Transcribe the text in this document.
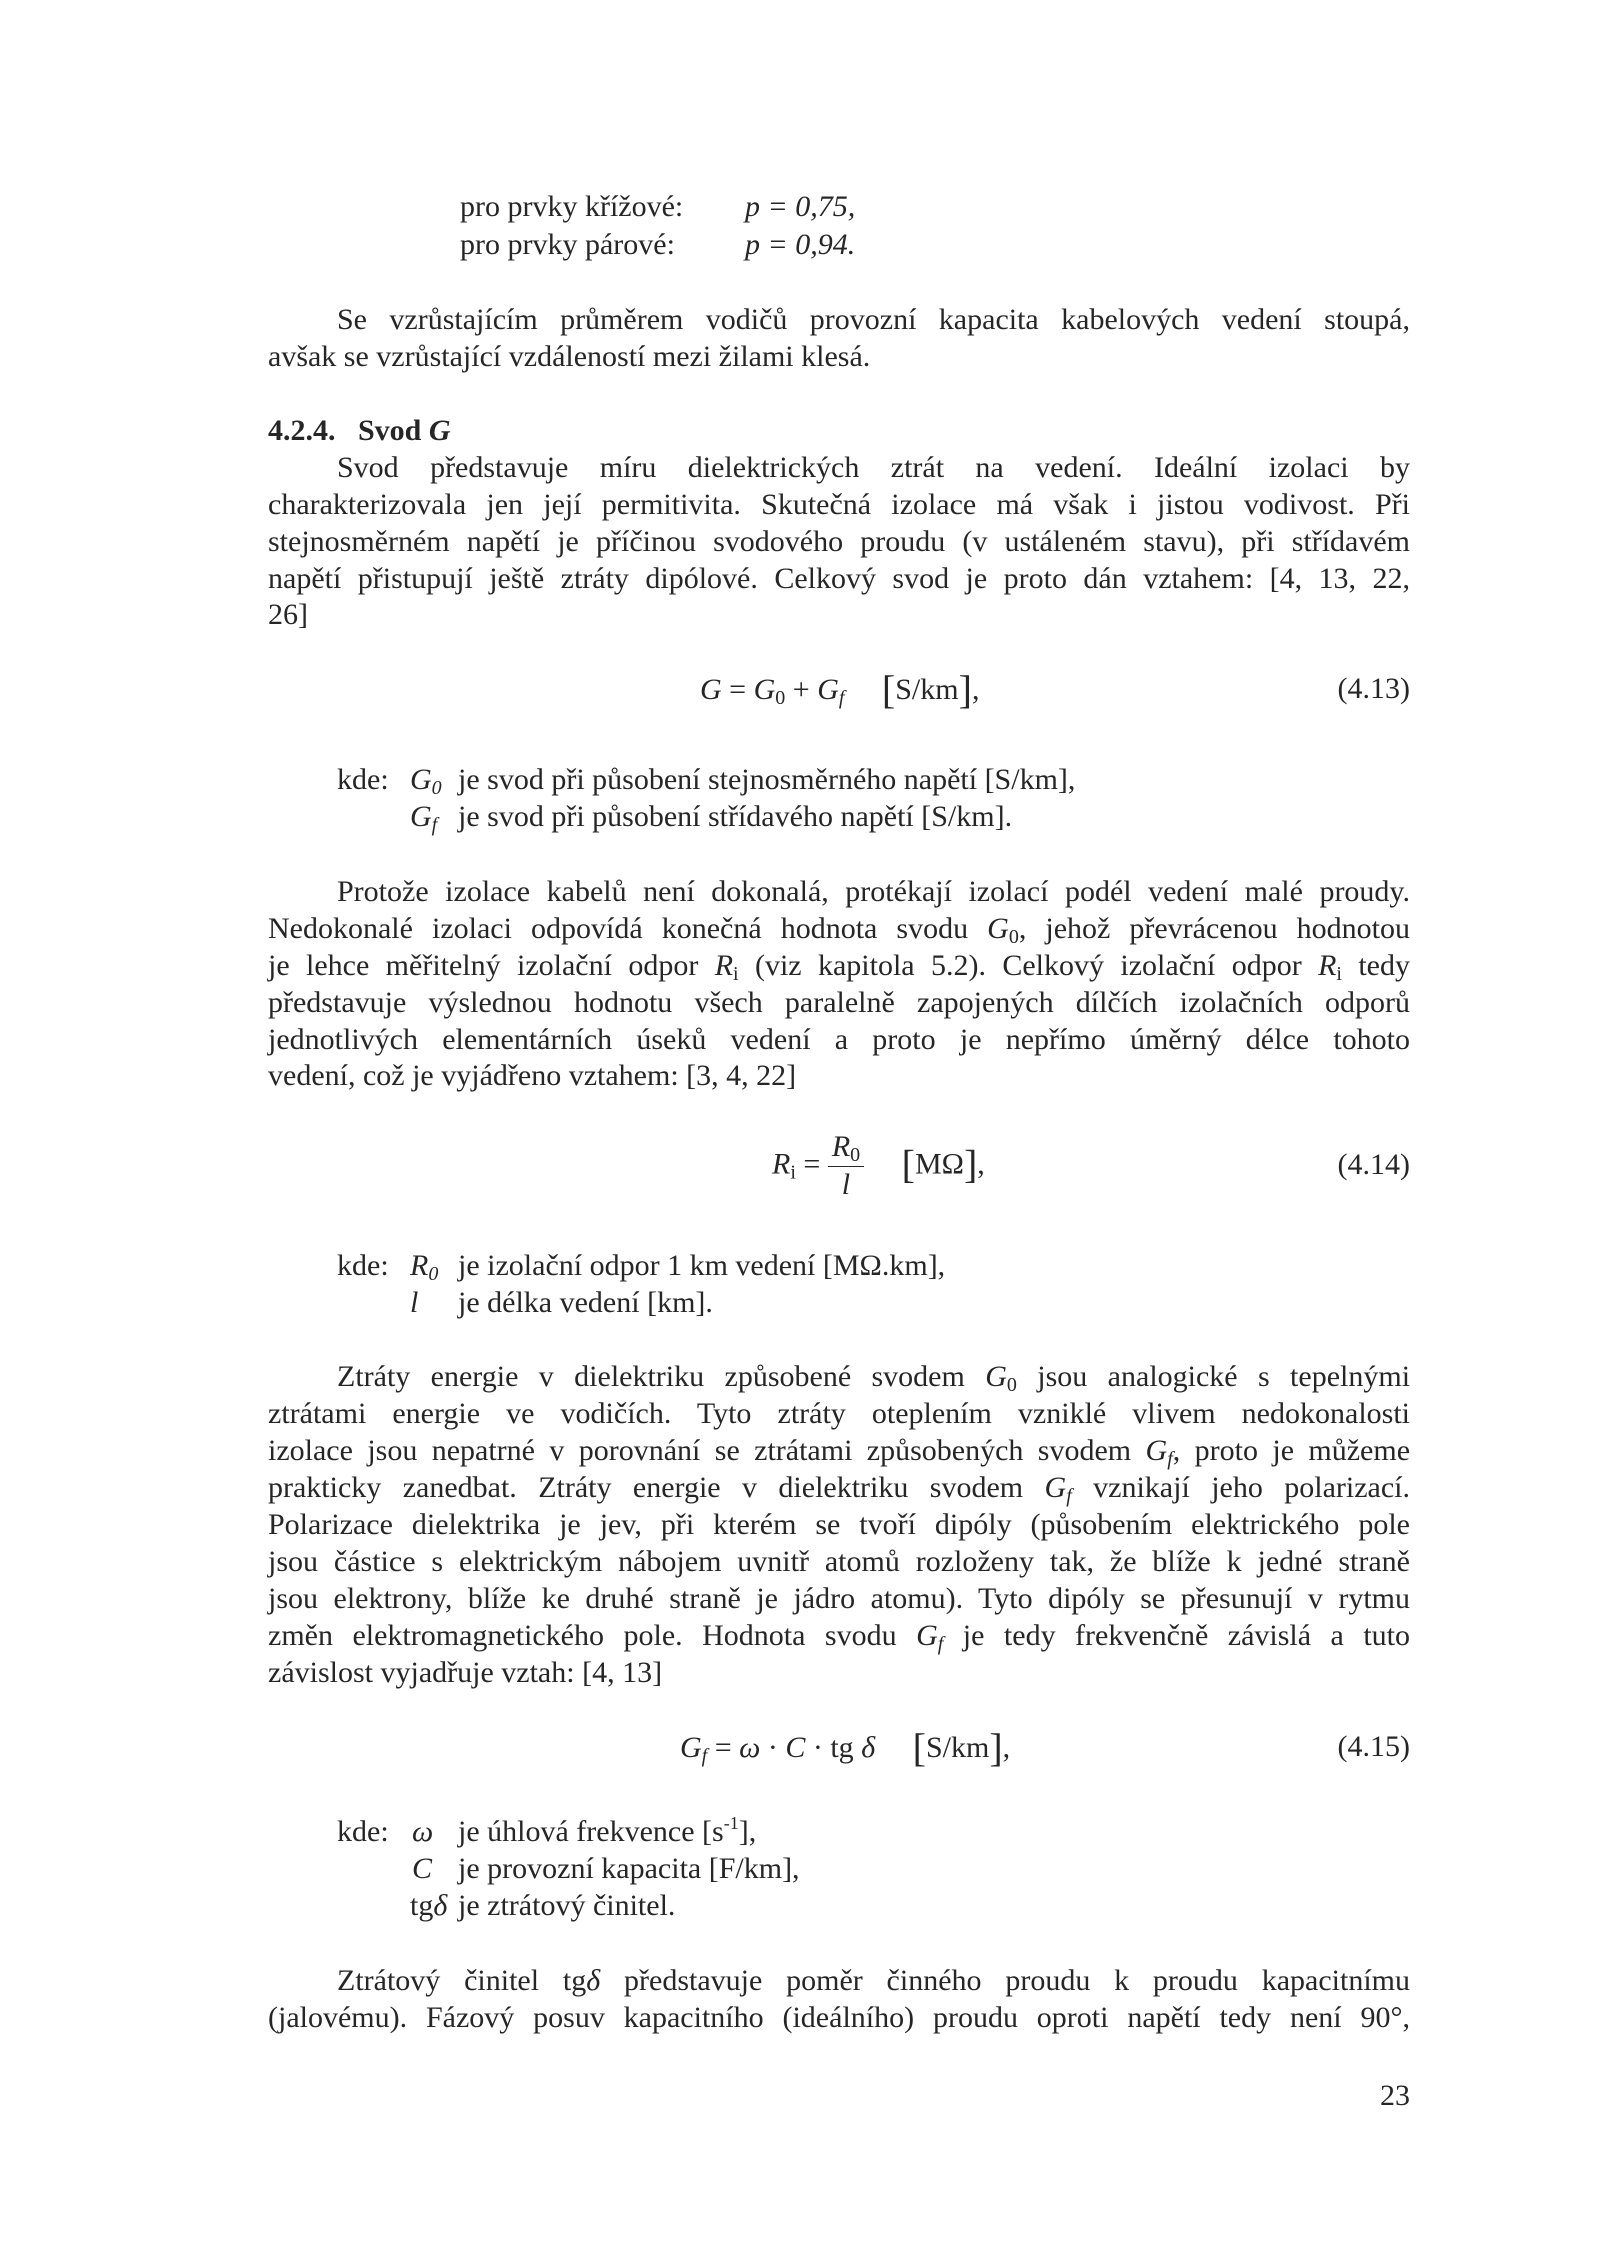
pro prvky křížové: p = 0,75,
pro prvky párové: p = 0,94.
Se vzrůstajícím průměrem vodičů provozní kapacita kabelových vedení stoupá,
avšak se vzrůstající vzdáleností mezi žilami klesá.
4.2.4. Svod G
Svod představuje míru dielektrických ztrát na vedení. Ideální izolaci by
charakterizovala jen její permitivita. Skutečná izolace má však i jistou vodivost. Při
stejnosměrném napětí je příčinou svodového proudu (v ustáleném stavu), při střídavém
napětí přistupují ještě ztráty dipólové. Celkový svod je proto dán vztahem: [4, 13, 22,
26]
$G = G_0 + G_f$ [S/km],	(4.13)
kde: $G_0$ je svod při působení stejnosměrného napětí [S/km],
$G_f$ je svod při působení střídavého napětí [S/km].
Protože izolace kabelů není dokonalá, protékají izolací podél vedení malé proudy.
Nedokonalé izolaci odpovídá konečná hodnota svodu $G_0$, jehož převrácenou hodnotou
je lehce měřitelný izolační odpor $R_i$ (viz kapitola 5.2). Celkový izolační odpor $R_i$ tedy
představuje výslednou hodnotu všech paralelně zapojených dílčích izolačních odporů
jednotlivých elementárních úseků vedení a proto je nepřímo úměrný délce tohoto
vedení, což je vyjádřeno vztahem: [3, 4, 22]
$R_i = \frac{R_0}{l} [M\Omega]$,	(4.14)
kde: $R_0$ je izolační odpor 1 km vedení [MΩ.km],
l je délka vedení [km].
Ztráty energie v dielektriku způsobené svodem $G_0$ jsou analogické s tepelnými
ztrátami energie ve vodičích. Tyto ztráty oteplením vzniklé vlivem nedokonalosti
izolace jsou nepatrné v porovnání se ztrátami způsobených svodem $G_f$, proto je můžeme
prakticky zanedbat. Ztráty energie v dielektriku svodem $G_f$ vznikají jeho polarizací.
Polarizace dielektrika je jev, při kterém se tvoří dipóly (působením elektrického pole
jsou částice s elektrickým nábojem uvnitř atomů rozloženy tak, že blíže k jedné straně
jsou elektrony, blíže ke druhé straně je jádro atomu). Tyto dipóly se přesunují v rytmu
změn elektromagnetického pole. Hodnota svodu $G_f$ je tedy frekvenčně závislá a tuto
závislost vyjadřuje vztah: [4, 13]
$G_f = \omega \cdot C$ · tg δ [S/km],	(4.15)
kde: ω je úhlová frekvence $[s^{-1}]$,
C je provozní kapacita [F/km],
tgδ je ztrátový činitel.
Ztrátový činitel tgδ představuje poměr činného proudu k proudu kapacitnímu
(jalovému). Fázový posuv kapacitního (ideálního) proudu oproti napětí tedy není 90°,
23
